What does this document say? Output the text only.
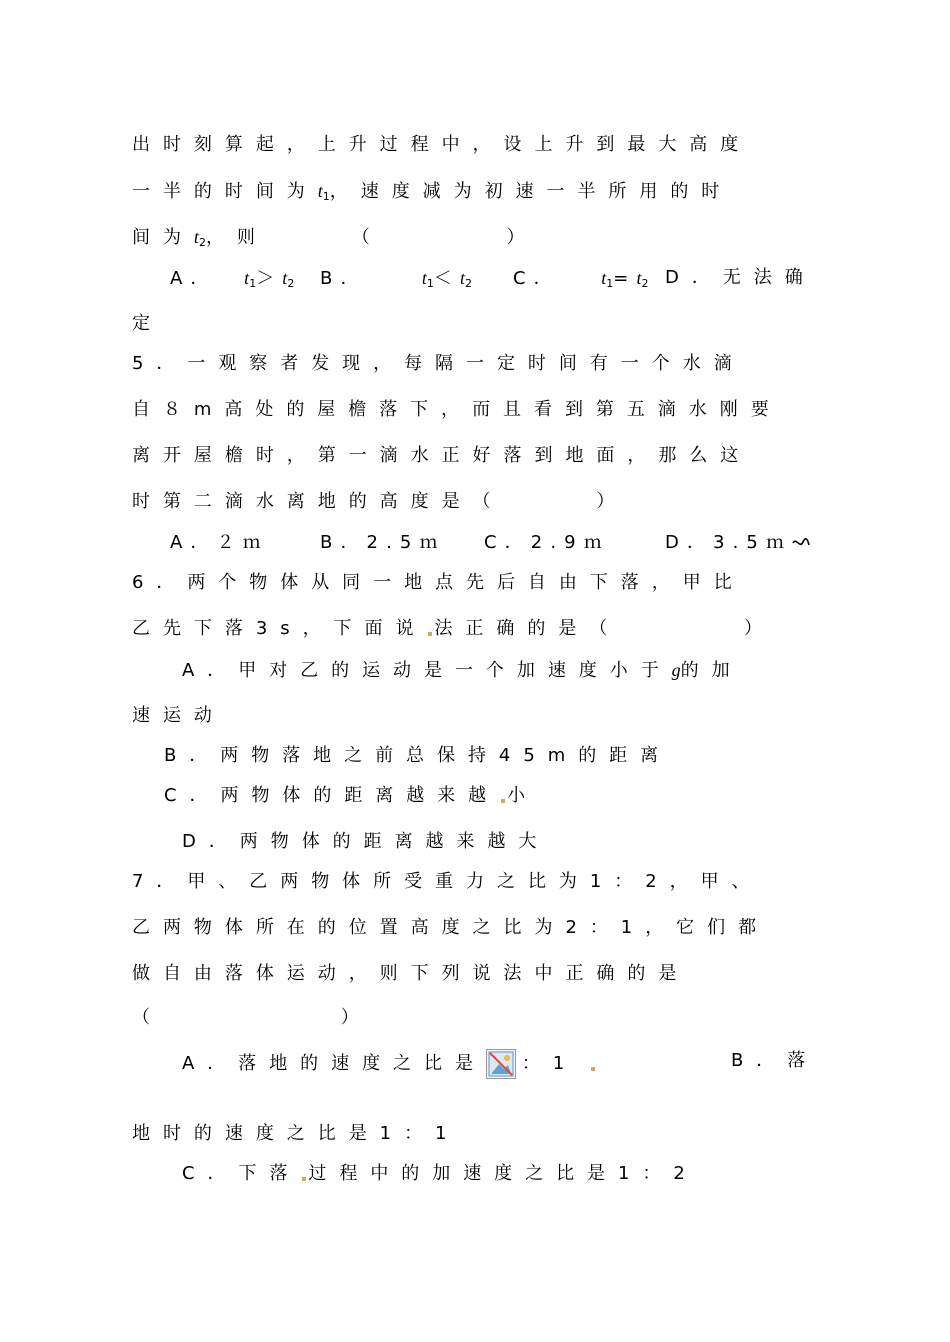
出时刻算起，上升过程中，设上升到最大高度
一半的时间为$t_1$，速度减为初速一半所用的时
间为$t_2$，则　　　（　　　　）
A． $t_1>t_2$ B．	$t_1<t_2$ C． $t_1=t_2$ D．无法确
定
5．一观察者发现，每隔一定时间有一个水滴
自８m高处的屋檐落下，而且看到第五滴水刚要
离开屋檐时，第一滴水正好落到地面，那么这
时第二滴水离地的高度是（　　　）
A．２ｍ	B．2.5ｍ C．2.9ｍ	D．3.5ｍ
6．两个物体从同一地点先后自由下落，甲比
乙先下落3s，下面说 法正确的是（　　　　）
A．甲对乙的运动是一个加速度小于g的加
速运动
B．两物落地之前总保持45m的距离
C．两物体的距离越来越 小
D．两物体的距离越来越大
7．甲、乙两物体所受重力之比为1：2，甲、
乙两物体所在的位置高度之比为2：1，它们都
做自由落体运动，则下列说法中正确的是
（　　　　　　　）
A．落地的速度之比是 ：1	B．落
地时的速度之比是1：1
C．下落 过程中的加速度之比是1：2
